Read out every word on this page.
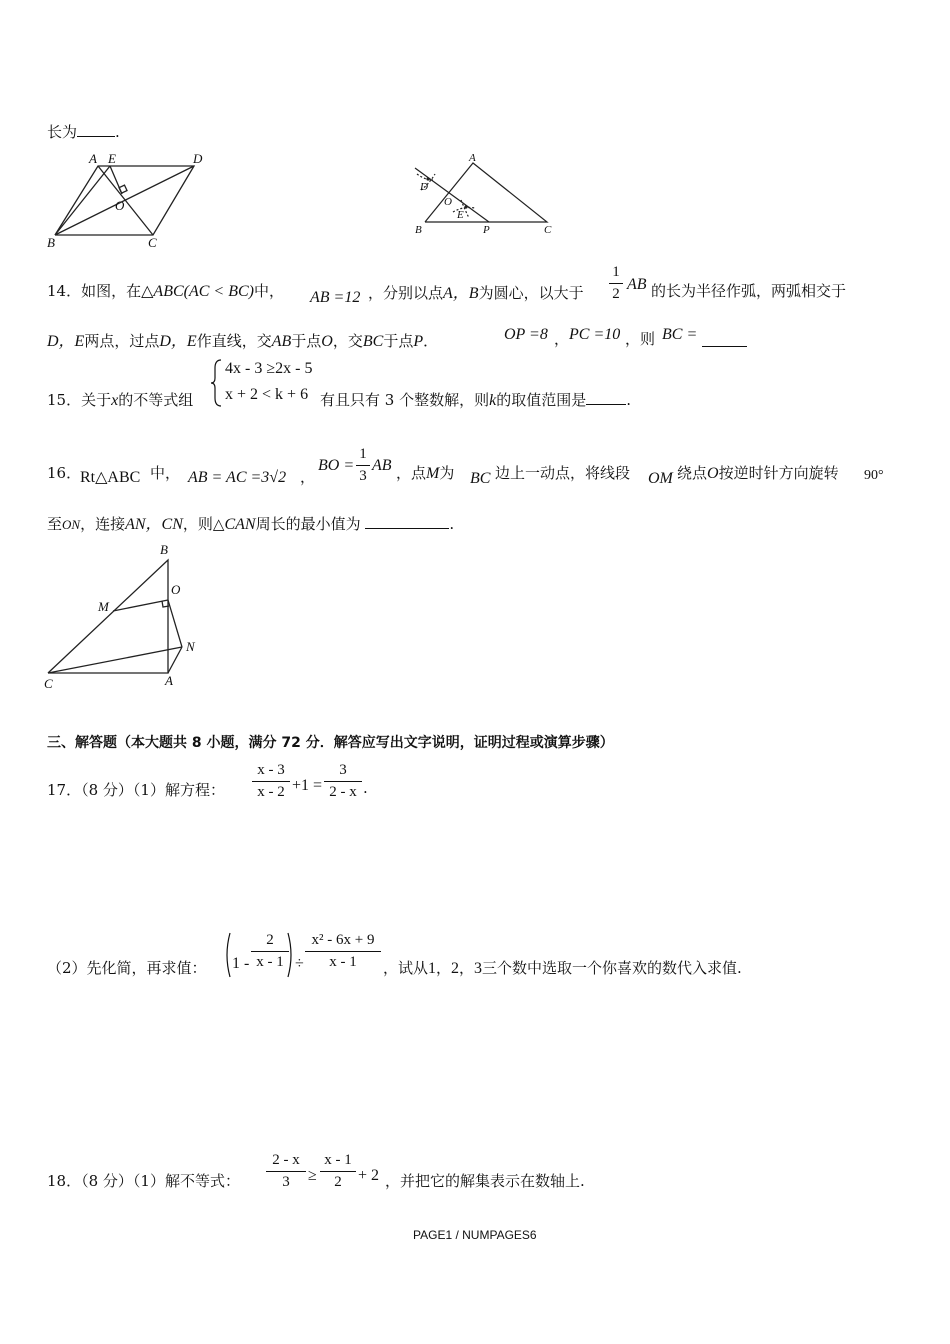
长为	.
A E	D
O
B	C
A
D
O
E
B	P	C
14．如图，在△ABC(AC < BC)中， AB =12 ，分别以点A，B为圆心，以大于
1
2
AB 的长为半径作弧，两弧相交于
D，E两点，过点D，E作直线，交AB于点O，交BC于点P．	OP =8 ， PC =10 ，则 BC =
15．关于x的不等式组
4x - 3 ≥2x - 5
x + 2 < k + 6 有且只有 3 个整数解，则k的取值范围是	.
16．
Rt△ABC 中， AB = AC =3√2 ，
BO =
1
3
AB ，点M为 BC 边上一动点，将线段 OM 绕点O按逆时针方向旋转 90°
至ON，连接AN，CN，则△CAN周长的最小值为	.
B
O
M
N
C	A
三、解答题（本大题共 8 小题，满分 72 分．解答应写出文字说明，证明过程或演算步骤）
17．（8 分）（1）解方程：
x - 3
x - 2 +1 =
3
2 - x .
（2）先化简，再求值： 1 -
2
x - 1 ÷
x² - 6x + 9
x - 1	，试从1，2，3三个数中选取一个你喜欢的数代入求值.
18．（8 分）（1）解不等式：
2 - x
3	≥
x - 1
2	+ 2 ，并把它的解集表示在数轴上.
PAGE1 / NUMPAGES6
